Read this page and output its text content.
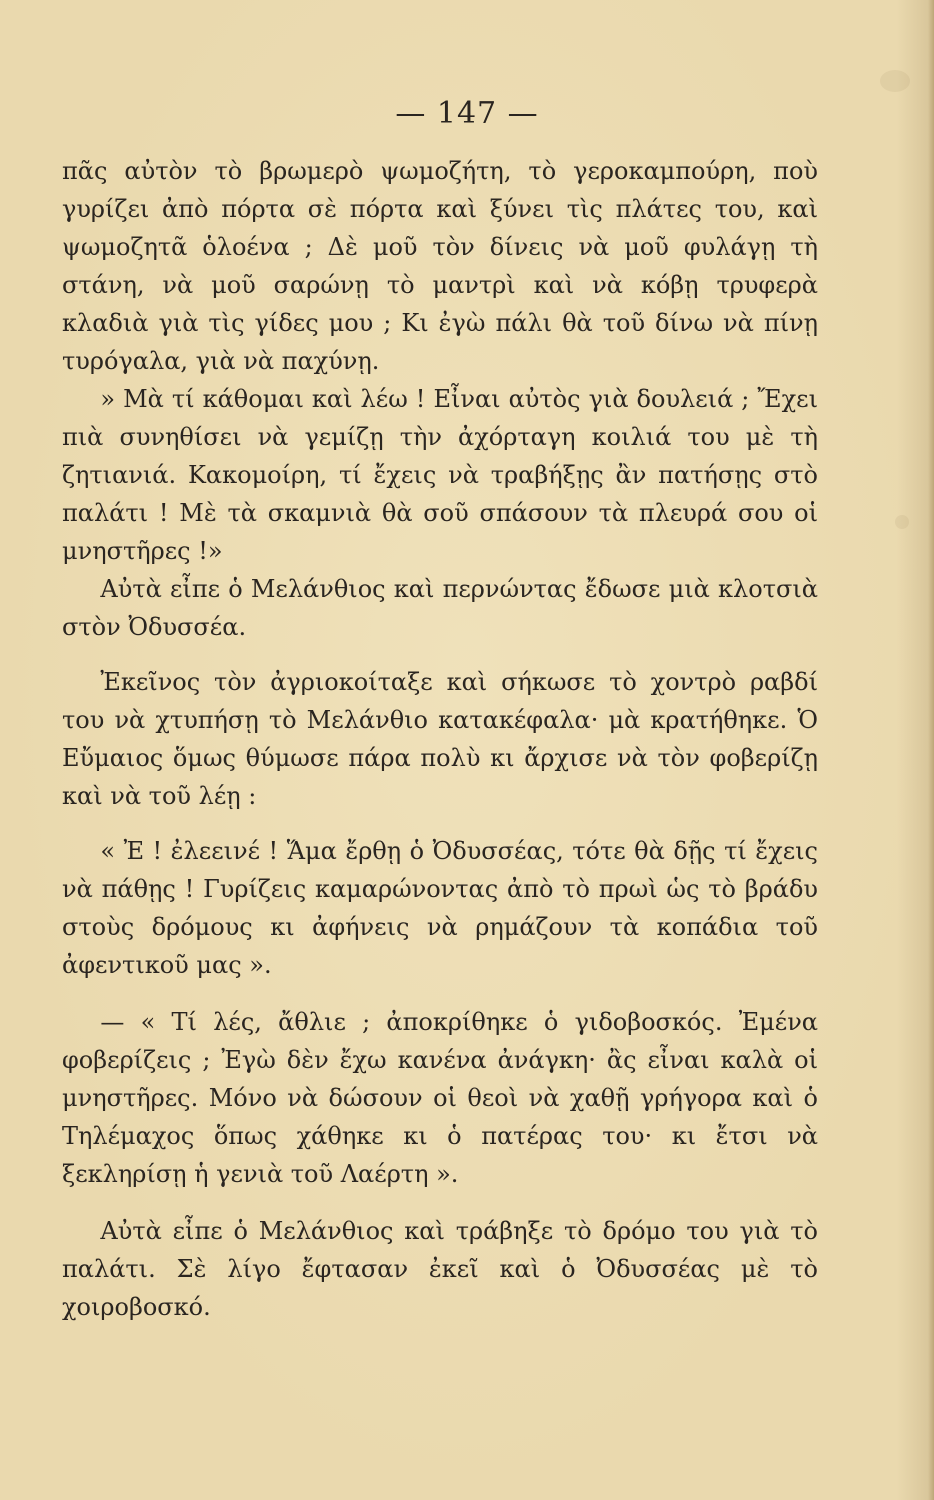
— 147 —

πᾶς αὐτὸν τὸ βρωμερὸ ψωμοζήτη, τὸ γεροκαμπούρη, ποὺ γυρίζει ἀπὸ πόρτα σὲ πόρτα καὶ ξύνει τὶς πλάτες του, καὶ ψωμοζητᾶ ὁλοένα ; Δὲ μοῦ τὸν δίνεις νὰ μοῦ φυλάγῃ τὴ στάνη, νὰ μοῦ σαρώνῃ τὸ μαντρὶ καὶ νὰ κόβῃ τρυφερὰ κλαδιὰ γιὰ τὶς γίδες μου ; Κι ἐγὼ πάλι θὰ τοῦ δίνω νὰ πίνῃ τυρόγαλα, γιὰ νὰ παχύνῃ.

» Μὰ τί κάθομαι καὶ λέω ! Εἶναι αὐτὸς γιὰ δουλειά ; Ἔχει πιὰ συνηθίσει νὰ γεμίζῃ τὴν ἀχόρταγη κοιλιά του μὲ τὴ ζητιανιά. Κακομοίρη, τί ἔχεις νὰ τραβήξῃς ἂν πατήσῃς στὸ παλάτι ! Μὲ τὰ σκαμνιὰ θὰ σοῦ σπάσουν τὰ πλευρά σου οἱ μνηστῆρες !»

Αὐτὰ εἶπε ὁ Μελάνθιος καὶ περνώντας ἔδωσε μιὰ κλοτσιὰ στὸν Ὀδυσσέα.

Ἐκεῖνος τὸν ἀγριοκοίταξε καὶ σήκωσε τὸ χοντρὸ ραβδί του νὰ χτυπήσῃ τὸ Μελάνθιο κατακέφαλα· μὰ κρατήθηκε. Ὁ Εὔμαιος ὅμως θύμωσε πάρα πολὺ κι ἄρχισε νὰ τὸν φοβερίζῃ καὶ νὰ τοῦ λέῃ :

« Ἐ ! ἐλεεινέ ! Ἅμα ἔρθῃ ὁ Ὀδυσσέας, τότε θὰ δῇς τί ἔχεις νὰ πάθῃς ! Γυρίζεις καμαρώνοντας ἀπὸ τὸ πρωὶ ὡς τὸ βράδυ στοὺς δρόμους κι ἀφήνεις νὰ ρημάζουν τὰ κοπάδια τοῦ ἀφεντικοῦ μας ».

— « Τί λές, ἄθλιε ; ἀποκρίθηκε ὁ γιδοβοσκός. Ἐμένα φοβερίζεις ; Ἐγὼ δὲν ἔχω κανένα ἀνάγκη· ἂς εἶναι καλὰ οἱ μνηστῆρες. Μόνο νὰ δώσουν οἱ θεοὶ νὰ χαθῇ γρήγορα καὶ ὁ Τηλέμαχος ὅπως χάθηκε κι ὁ πατέρας του· κι ἔτσι νὰ ξεκληρίσῃ ἡ γενιὰ τοῦ Λαέρτη ».

Αὐτὰ εἶπε ὁ Μελάνθιος καὶ τράβηξε τὸ δρόμο του γιὰ τὸ παλάτι. Σὲ λίγο ἔφτασαν ἐκεῖ καὶ ὁ Ὀδυσσέας μὲ τὸ χοιροβοσκό.
